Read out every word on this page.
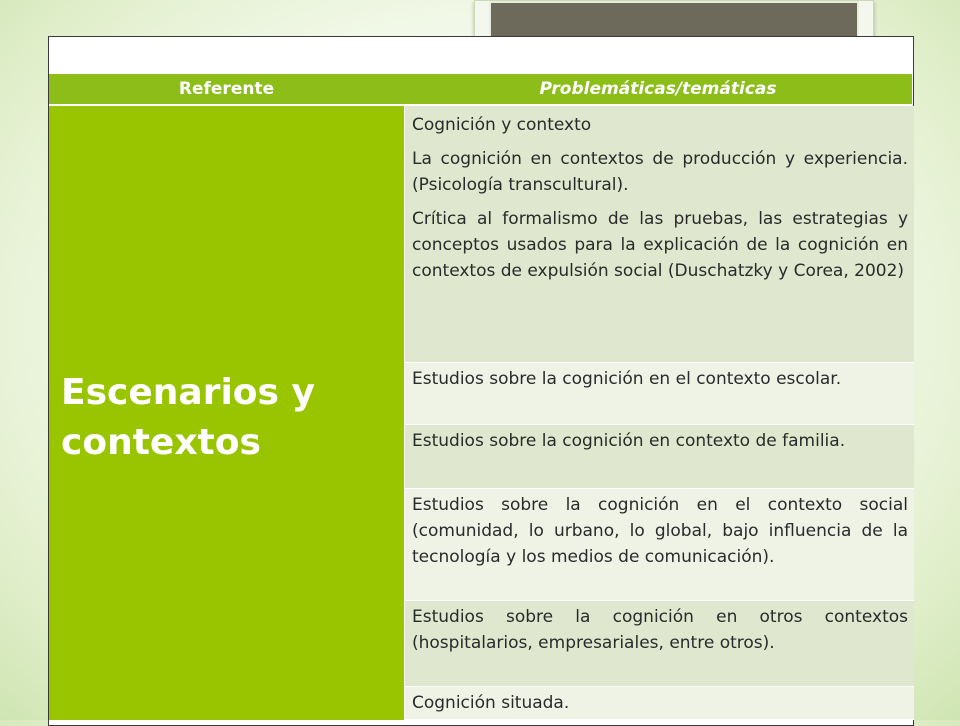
Referente	Problemáticas/temáticas
Escenarios y contextos

Cognición y contexto

La cognición en contextos de producción y experiencia. (Psicología transcultural).

Crítica al formalismo de las pruebas, las estrategias y conceptos usados para la explicación de la cognición en contextos de expulsión social (Duschatzky y Corea, 2002)

Estudios sobre la cognición en el contexto escolar.

Estudios sobre la cognición en contexto de familia.

Estudios sobre la cognición en el contexto social (comunidad, lo urbano, lo global, bajo influencia de la tecnología y los medios de comunicación).

Estudios sobre la cognición en otros contextos (hospitalarios, empresariales, entre otros).

Cognición situada.
